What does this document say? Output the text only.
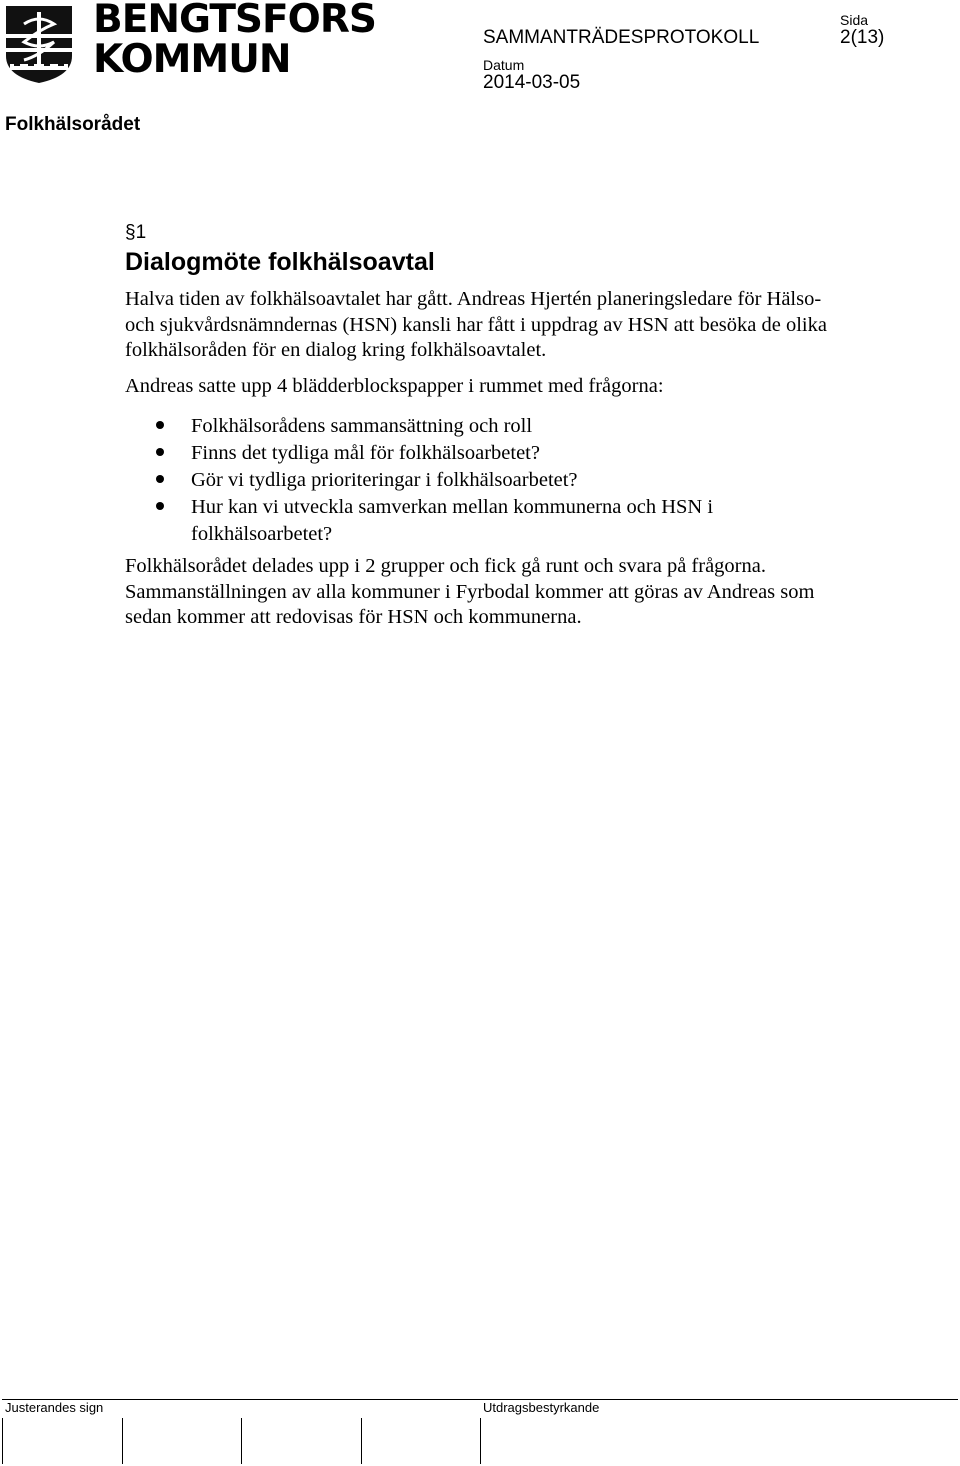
BENGTSFORS
KOMMUN
Sida
SAMMANTRÄDESPROTOKOLL	2(13)
Datum
2014-03-05
Folkhälsorådet
§1
Dialogmöte folkhälsoavtal
Halva tiden av folkhälsoavtalet har gått. Andreas Hjertén planeringsledare för Hälso- och sjukvårdsnämndernas (HSN) kansli har fått i uppdrag av HSN att besöka de olika folkhälsoråden för en dialog kring folkhälsoavtalet.
Andreas satte upp 4 blädderblockspapper i rummet med frågorna:
Folkhälsorådens sammansättning och roll
Finns det tydliga mål för folkhälsoarbetet?
Gör vi tydliga prioriteringar i folkhälsoarbetet?
Hur kan vi utveckla samverkan mellan kommunerna och HSN i folkhälsoarbetet?
Folkhälsorådet delades upp i 2 grupper och fick gå runt och svara på frågorna. Sammanställningen av alla kommuner i Fyrbodal kommer att göras av Andreas som sedan kommer att redovisas för HSN och kommunerna.
Justerandes sign	Utdragsbestyrkande
